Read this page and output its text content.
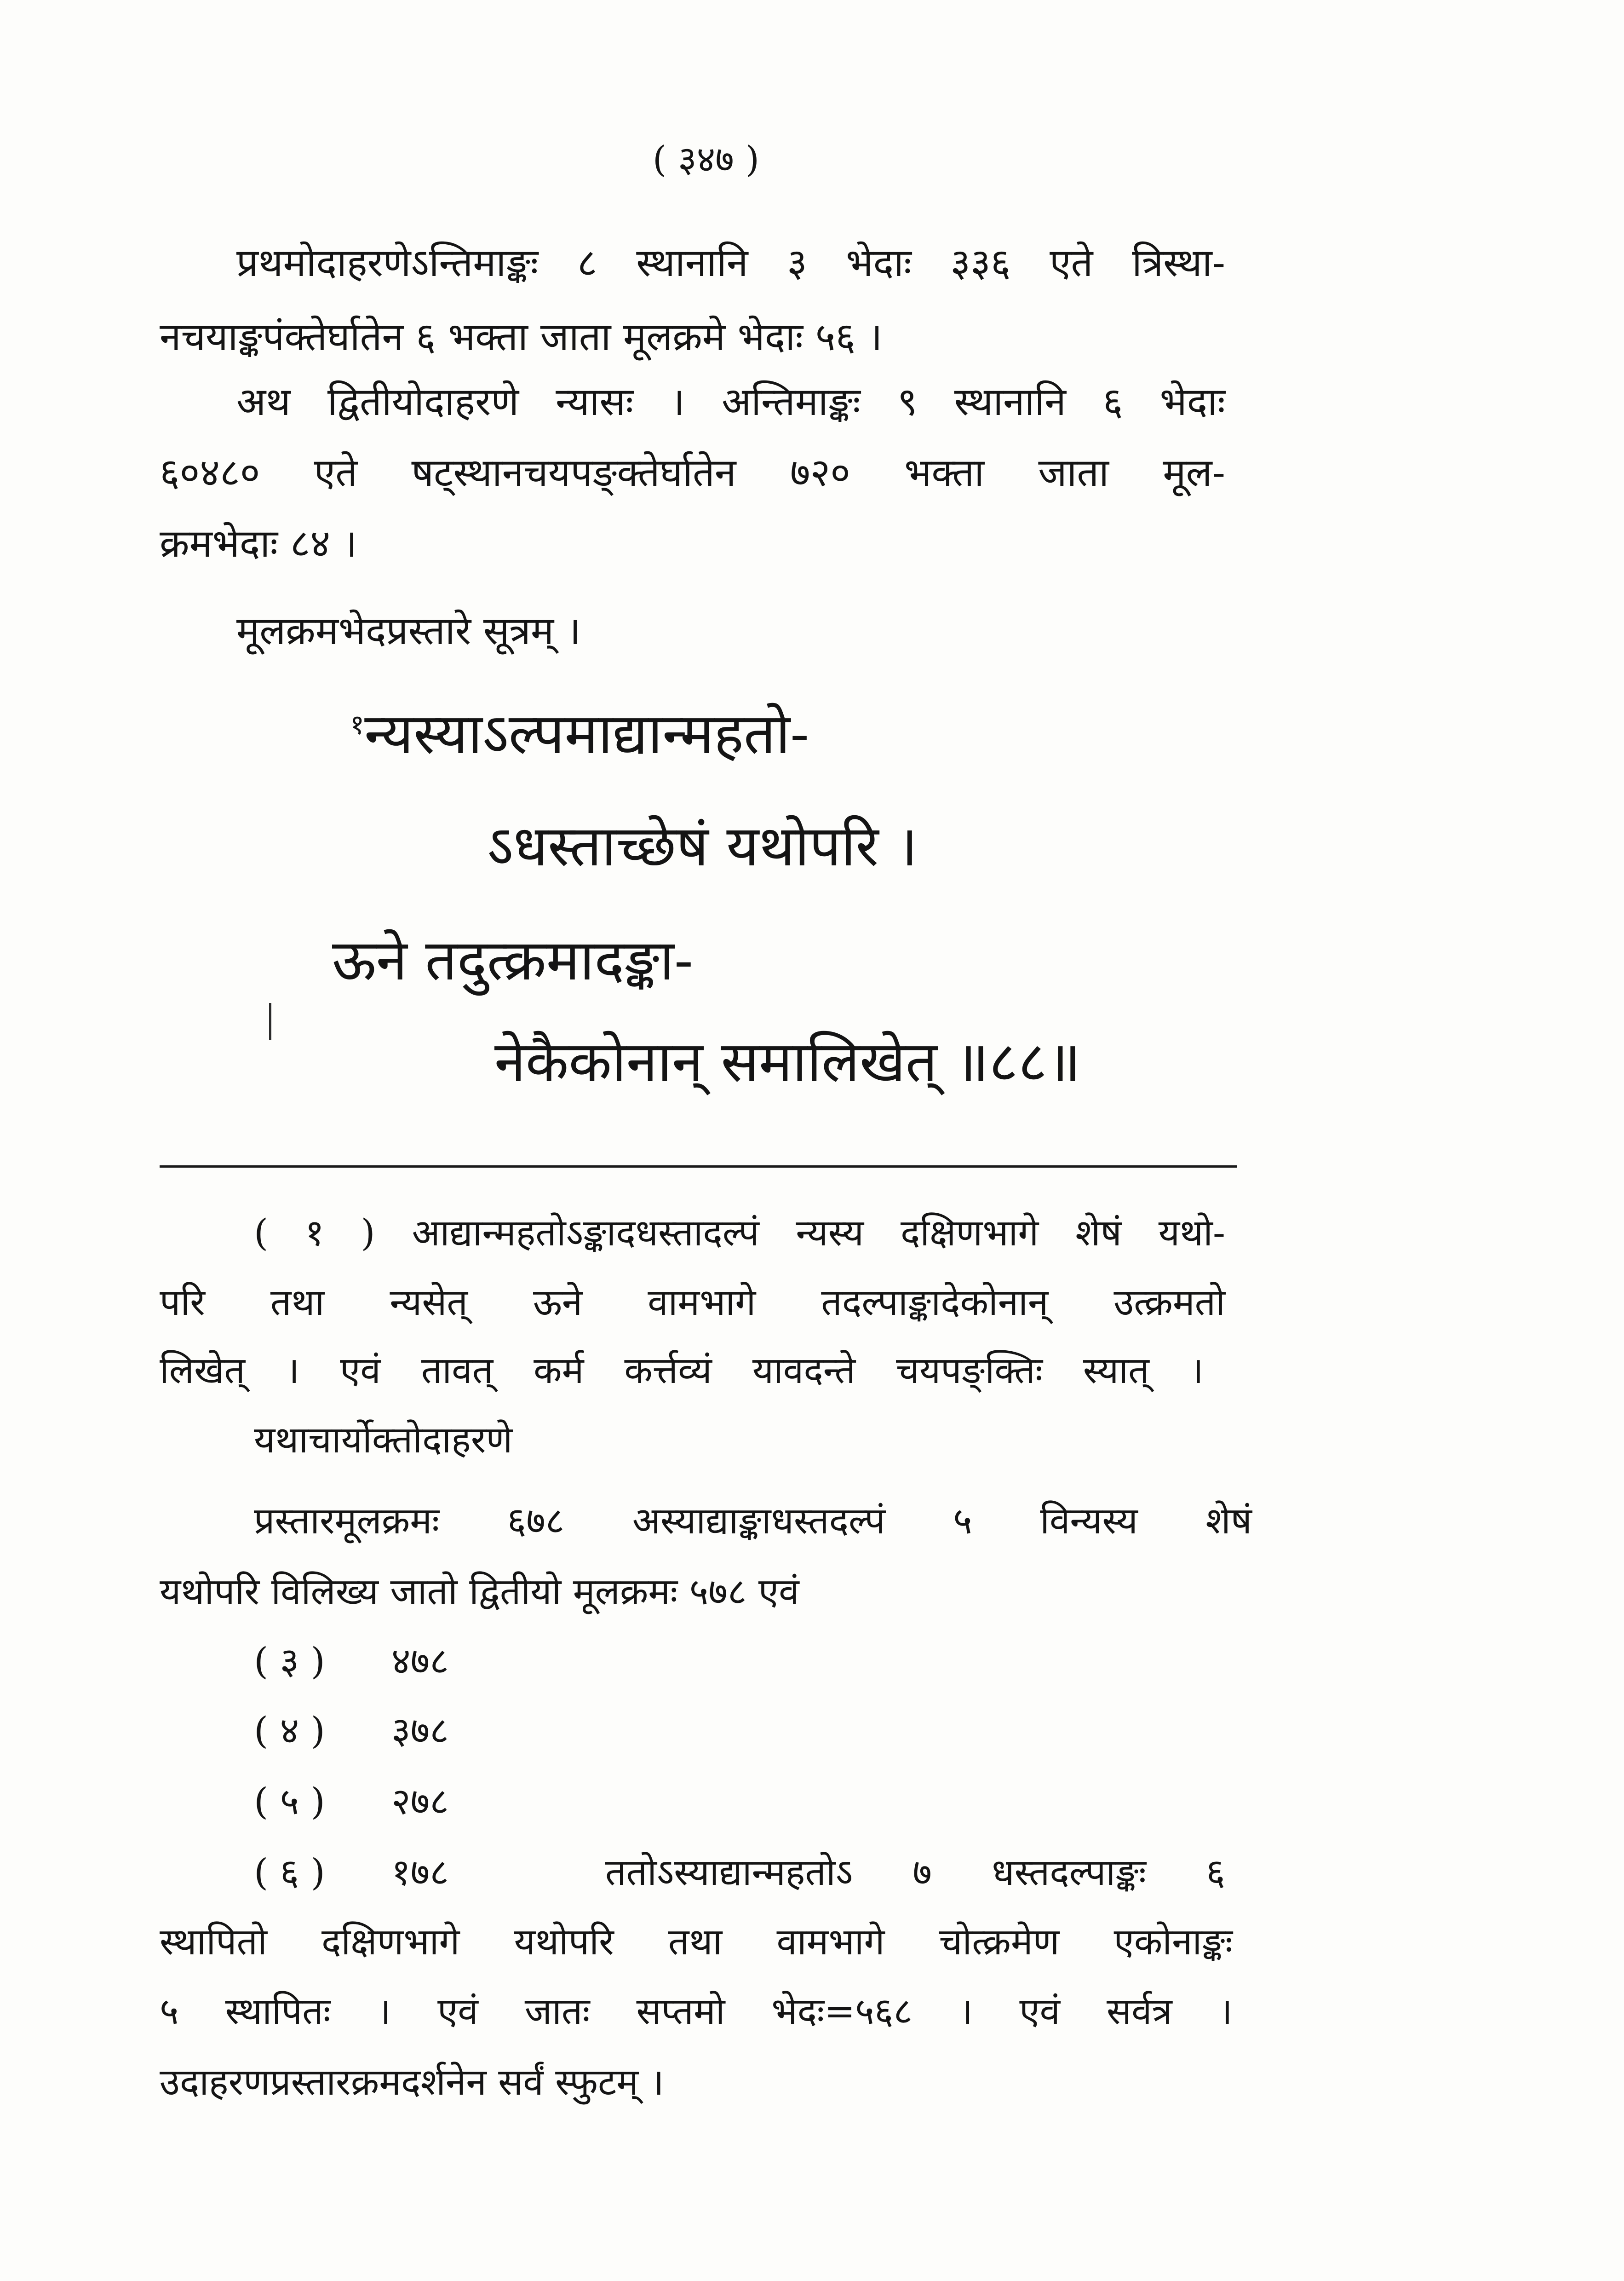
( ३४७ )
प्रथमोदाहरणेऽन्तिमाङ्कः ८ स्थानानि ३ भेदाः ३३६ एते त्रिस्था-
नचयाङ्कपंक्तेर्घातेन ६ भक्ता जाता मूलक्रमे भेदाः ५६ ।
अथ द्वितीयोदाहरणे न्यासः । अन्तिमाङ्कः ९ स्थानानि ६ भेदाः
६०४८० एते षट्स्थानचयपङ्क्तेर्घातेन ७२० भक्ता जाता मूल-
क्रमभेदाः ८४ ।
मूलक्रमभेदप्रस्तारे सूत्रम् ।
$^१$न्यस्याऽल्पमाद्यान्महतो-
ऽधस्ताच्छेषं यथोपरि ।
ऊने तदुत्क्रमादङ्का-
नेकैकोनान् समालिखेत् ॥८८॥
( १ ) आद्यान्महतोऽङ्कादधस्तादल्पं न्यस्य दक्षिणभागे शेषं यथो-
परि तथा न्यसेत् ऊने वामभागे तदल्पाङ्कादेकोनान् उत्क्रमतो
लिखेत् । एवं तावत् कर्म कर्त्तव्यं यावदन्ते चयपङ्क्तिः स्यात् ।
यथाचार्योक्तोदाहरणे
प्रस्तारमूलक्रमः ६७८ अस्याद्याङ्काधस्तदल्पं ५ विन्यस्य शेषं
यथोपरि विलिख्य जातो द्वितीयो मूलक्रमः ५७८ एवं
( ३ ) ४७८
( ४ ) ३७८
( ५ ) २७८
( ६ ) १७८	ततोऽस्याद्यान्महतोऽ ७ धस्तदल्पाङ्कः ६
स्थापितो दक्षिणभागे यथोपरि तथा वामभागे चोत्क्रमेण एकोनाङ्कः
५ स्थापितः । एवं जातः सप्तमो भेदः=५६८ । एवं सर्वत्र ।
उदाहरणप्रस्तारक्रमदर्शनेन सर्वं स्फुटम् ।
